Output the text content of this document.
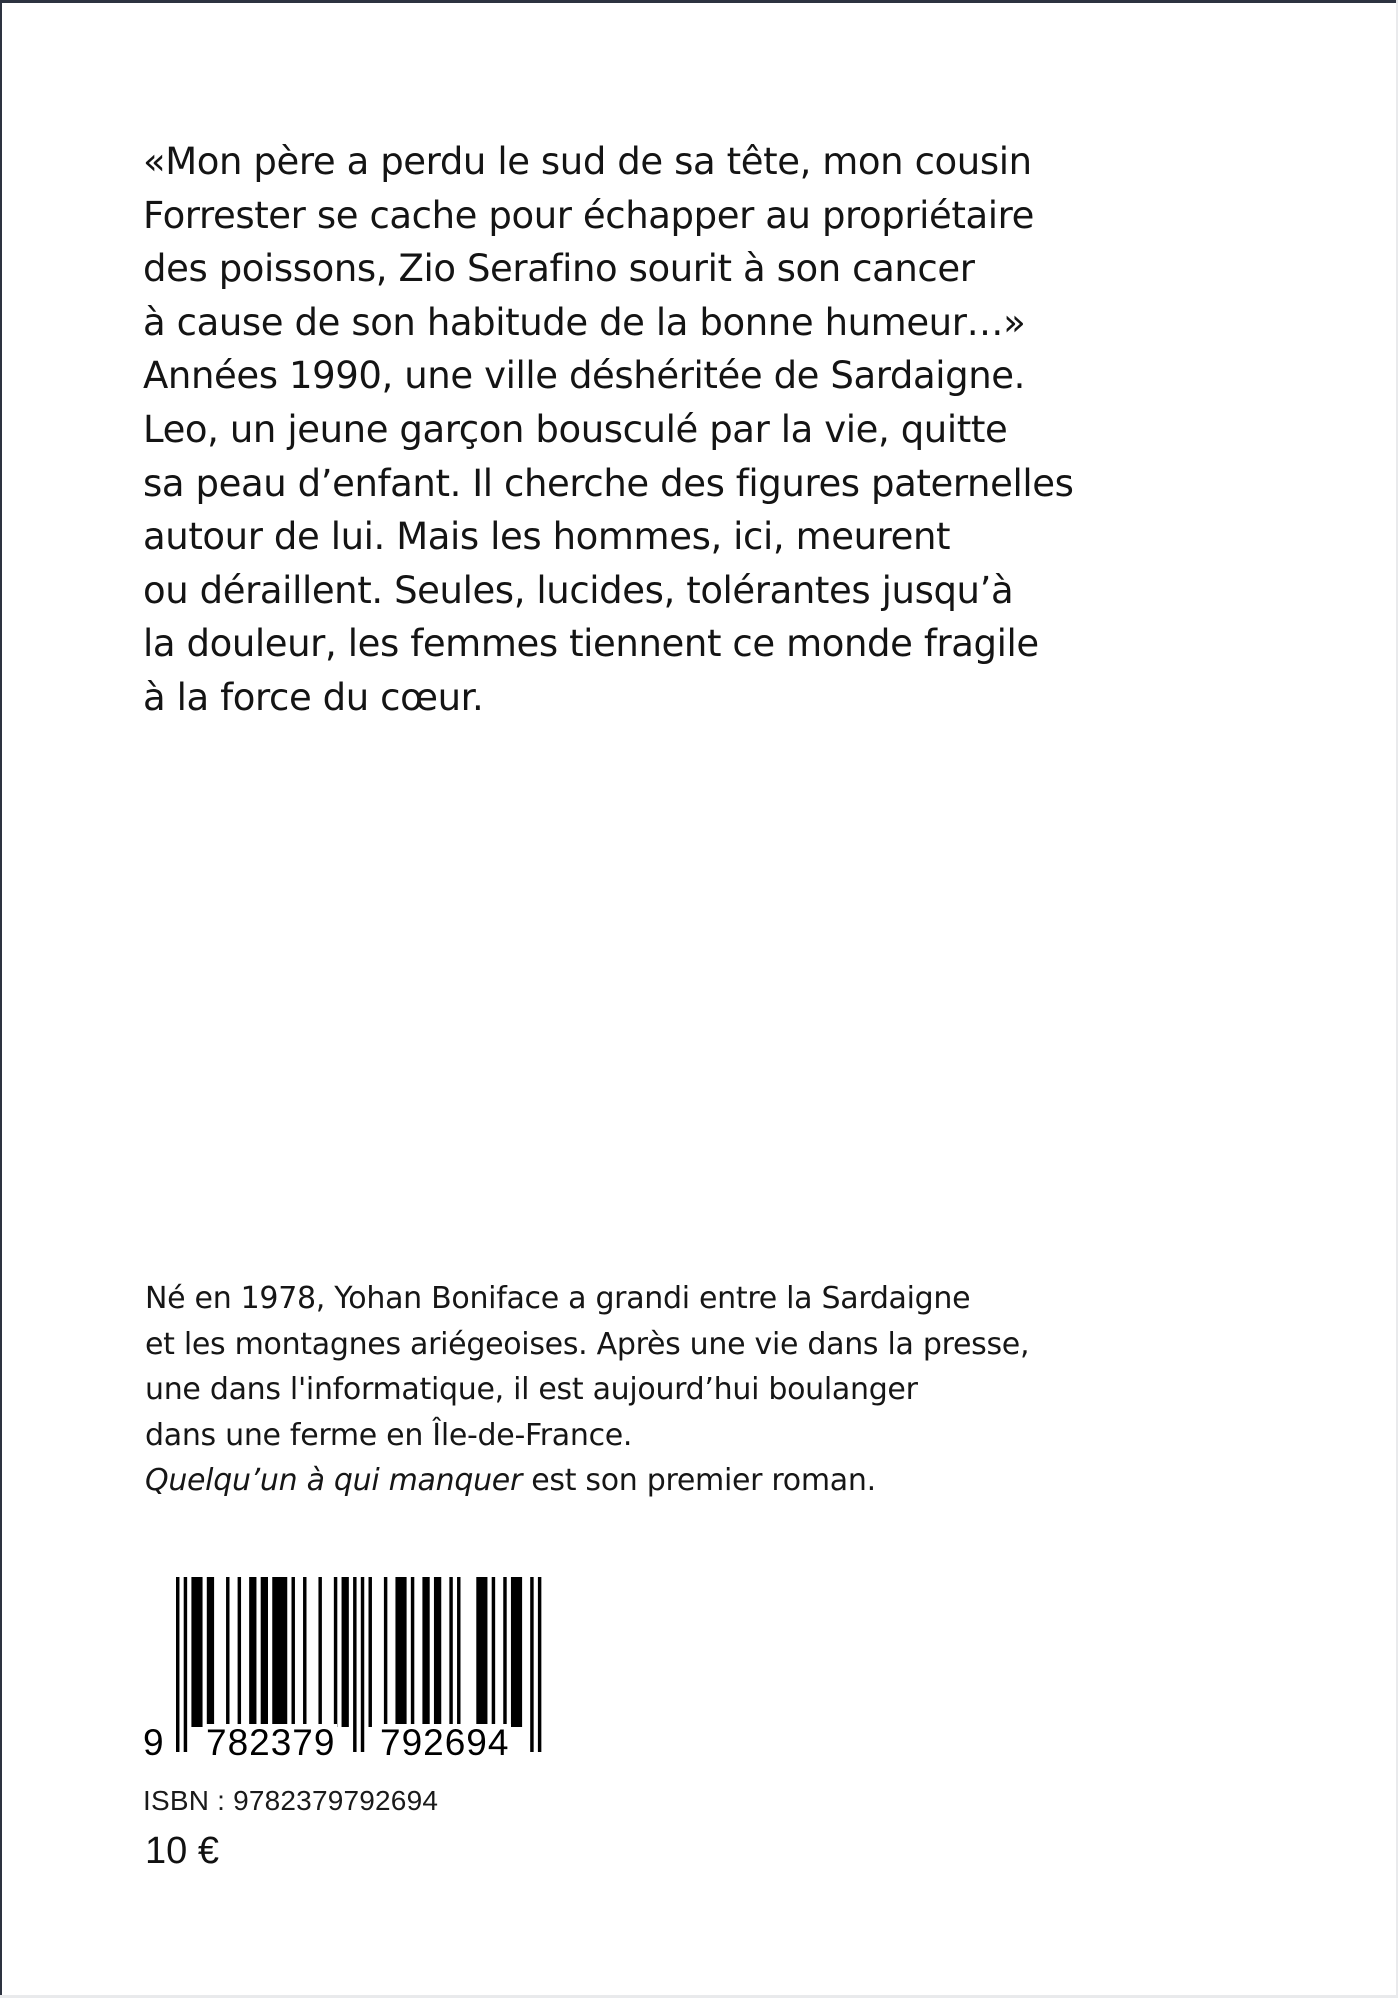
«Mon père a perdu le sud de sa tête, mon cousin
Forrester se cache pour échapper au propriétaire
des poissons, Zio Serafino sourit à son cancer
à cause de son habitude de la bonne humeur…»
Années 1990, une ville déshéritée de Sardaigne.
Leo, un jeune garçon bousculé par la vie, quitte
sa peau d’enfant. Il cherche des figures paternelles
autour de lui. Mais les hommes, ici, meurent
ou déraillent. Seules, lucides, tolérantes jusqu’à
la douleur, les femmes tiennent ce monde fragile
à la force du cœur.
Né en 1978, Yohan Boniface a grandi entre la Sardaigne
et les montagnes ariégeoises. Après une vie dans la presse,
une dans l'informatique, il est aujourd’hui boulanger
dans une ferme en Île-de-France.
Quelqu’un à qui manquer est son premier roman.
9 782379 792694
ISBN : 9782379792694
10 €
